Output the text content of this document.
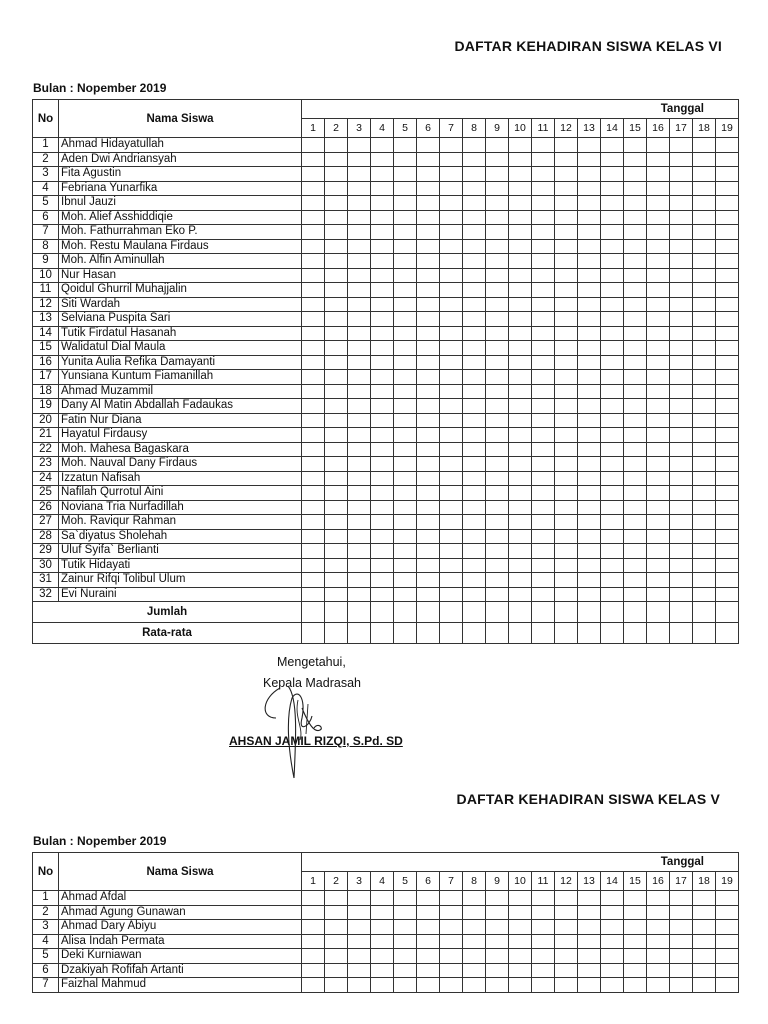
DAFTAR KEHADIRAN SISWA KELAS VI
Bulan : Nopember 2019
No	Nama Siswa	Tanggal																		
		1	2	3	4	5	6	7	8	9	10	11	12	13	14	15	16	17	18	19
1	Ahmad Hidayatullah																			
2	Aden Dwi Andriansyah																			
3	Fita Agustin																			
4	Febriana Yunarfika																			
5	Ibnul Jauzi																			
6	Moh. Alief Asshiddiqie																			
7	Moh. Fathurrahman Eko P.																			
8	Moh. Restu Maulana Firdaus																			
9	Moh. Alfin Aminullah																			
10	Nur Hasan																			
11	Qoidul Ghurril Muhajjalin																			
12	Siti Wardah																			
13	Selviana Puspita Sari																			
14	Tutik Firdatul Hasanah																			
15	Walidatul Dial Maula																			
16	Yunita Aulia Refika Damayanti																			
17	Yunsiana Kuntum Fiamanillah																			
18	Ahmad Muzammil																			
19	Dany Al Matin Abdallah Fadaukas																			
20	Fatin Nur Diana																			
21	Hayatul Firdausy																			
22	Moh. Mahesa Bagaskara																			
23	Moh. Nauval Dany Firdaus																			
24	Izzatun Nafisah																			
25	Nafilah Qurrotul Aini																			
26	Noviana Tria Nurfadillah																			
27	Moh. Raviqur Rahman																			
28	Sa`diyatus Sholehah																			
29	Uluf Syifa` Berlianti																			
30	Tutik Hidayati																			
31	Zainur Rifqi Tolibul Ulum																			
32	Evi Nuraini																			
Jumlah																				
Rata-rata																				
Mengetahui,
Kepala Madrasah
AHSAN JAMIL RIZQI, S.Pd. SD
DAFTAR KEHADIRAN SISWA KELAS V
Bulan : Nopember 2019
No	Nama Siswa	Tanggal																		
		1	2	3	4	5	6	7	8	9	10	11	12	13	14	15	16	17	18	19
1	Ahmad Afdal																			
2	Ahmad Agung Gunawan																			
3	Ahmad Dary Abiyu																			
4	Alisa Indah Permata																			
5	Deki Kurniawan																			
6	Dzakiyah Rofifah Artanti																			
7	Faizhal Mahmud																			
